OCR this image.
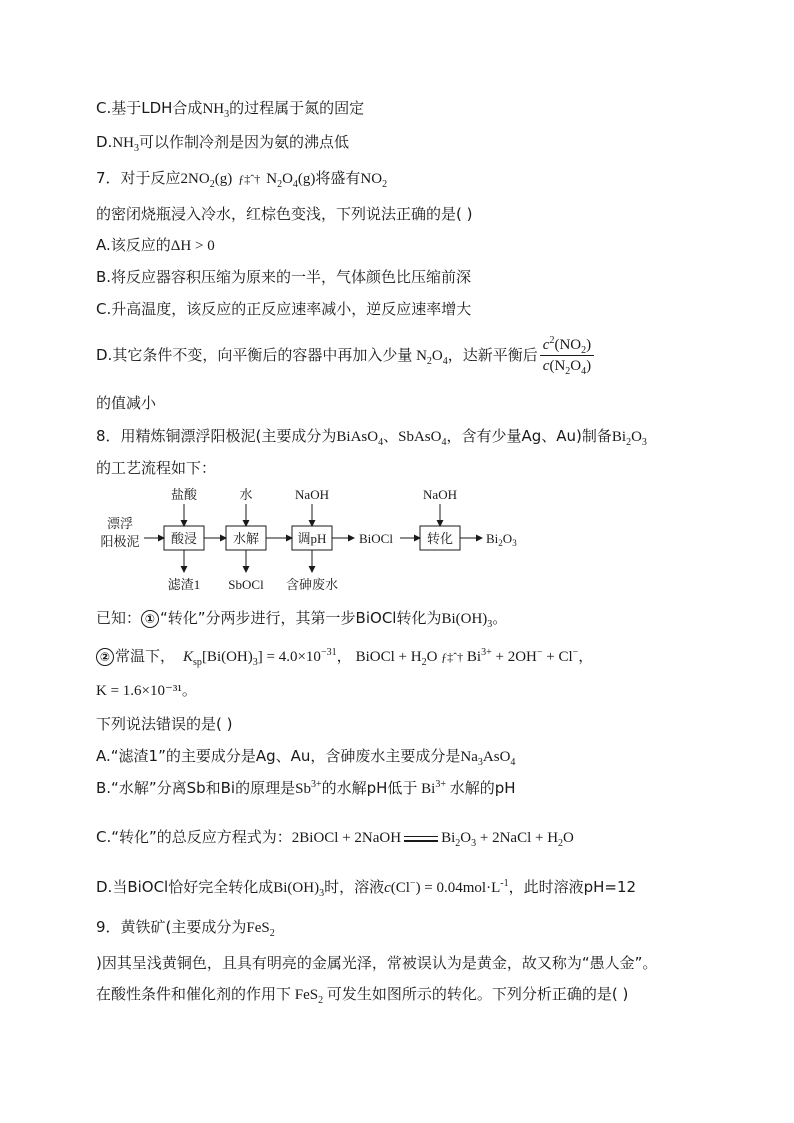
C.基于LDH合成$NH_3$的过程属于氮的固定
$D.NH_3$可以作制冷剂是因为氨的沸点低
7．对于反应$2NO_2(g)$ ƒ‡ˆ† $N_2O_4(g)$将盛有$NO_2$
的密闭烧瓶浸入冷水，红棕色变浅，下列说法正确的是( )
A.该反应的ΔH > 0
B.将反应器容积压缩为原来的一半，气体颜色比压缩前深
C.升高温度，该反应的正反应速率减小，逆反应速率增大
D.其它条件不变，向平衡后的容器中再加入少量 $N_2O_4$，达新平衡后 $\frac{c^2(NO_2)}{c(N_2O_4)}$
的值减小
8．用精炼铜漂浮阳极泥(主要成分为BiAsO$_4$、SbAsO$_4$，含有少量Ag、Au)制备$Bi_2O_3$
的工艺流程如下：
漂浮
阳极泥 酸浸	水解	调pH	BiOCl	转化	$Bi_2O_3$
盐酸	水	NaOH	NaOH
滤渣1 SbOCl 含砷废水
已知： ① “转化”分两步进行，其第一步BiOCl转化为$Bi(OH)_3$。
② 常温下， $K_{sp}[Bi(OH)_3] = 4.0\times 10^{-31}$， BiOCl + $H_2O$ ƒ‡ˆ† $Bi^{3+} + 2OH^- + Cl^-$，
K = 1.6×10⁻³¹。
下列说法错误的是( )
A.“滤渣1”的主要成分是Ag、Au，含砷废水主要成分是$Na_3AsO_4$
B.“水解”分离Sb和Bi的原理是$Sb^{3+}$的水解pH低于 $Bi^{3+}$ 水解的pH
C.“转化”的总反应方程式为：2BiOCl + 2NaOH	$Bi_2O_3$ + 2NaCl + $H_2O$
D.当BiOCl恰好完全转化成$Bi(OH)_3$时，溶液$c(Cl^-) = 0.04mol\cdot L^{-1}$，此时溶液pH=12
9．黄铁矿(主要成分为FeS$_2$
)因其呈浅黄铜色，且具有明亮的金属光泽，常被误认为是黄金，故又称为“愚人金”。
在酸性条件和催化剂的作用下 FeS$_2$ 可发生如图所示的转化。下列分析正确的是( )
